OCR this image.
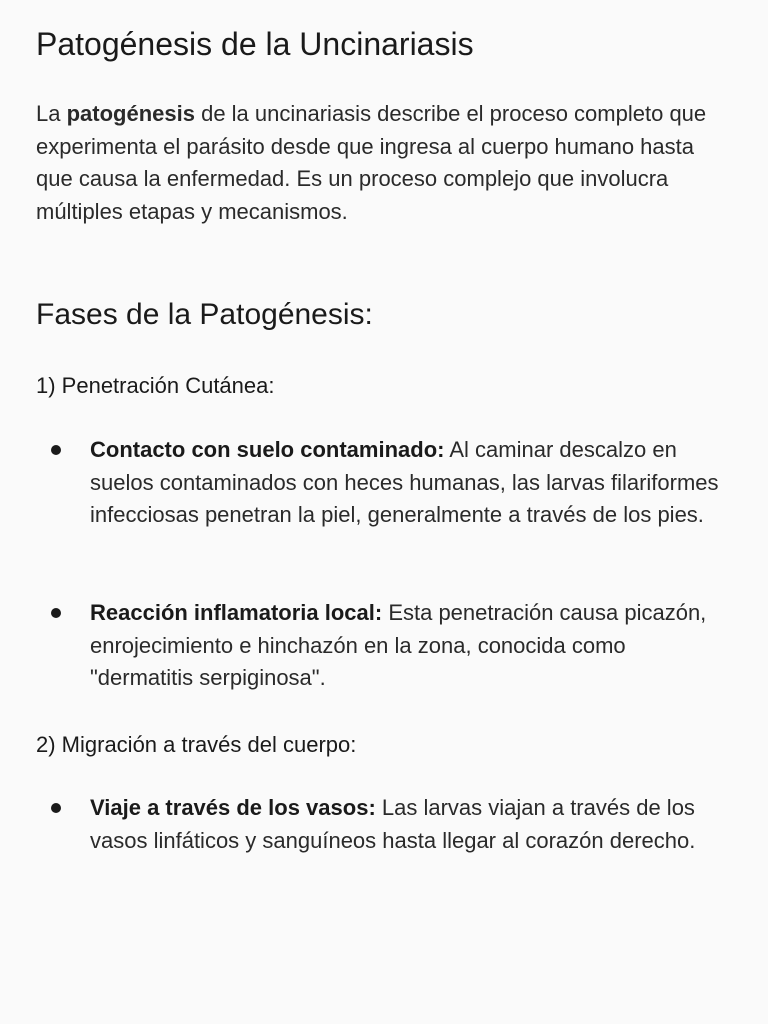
Patogénesis de la Uncinariasis

La patogénesis de la uncinariasis describe el proceso completo que experimenta el parásito desde que ingresa al cuerpo humano hasta que causa la enfermedad. Es un proceso complejo que involucra múltiples etapas y mecanismos.

Fases de la Patogénesis:
1) Penetración Cutánea:

Contacto con suelo contaminado: Al caminar descalzo en suelos contaminados con heces humanas, las larvas filariformes infecciosas penetran la piel, generalmente a través de los pies.

Reacción inflamatoria local: Esta penetración causa picazón, enrojecimiento e hinchazón en la zona, conocida como "dermatitis serpiginosa".

2) Migración a través del cuerpo:

Viaje a través de los vasos: Las larvas viajan a través de los vasos linfáticos y sanguíneos hasta llegar al corazón derecho.
